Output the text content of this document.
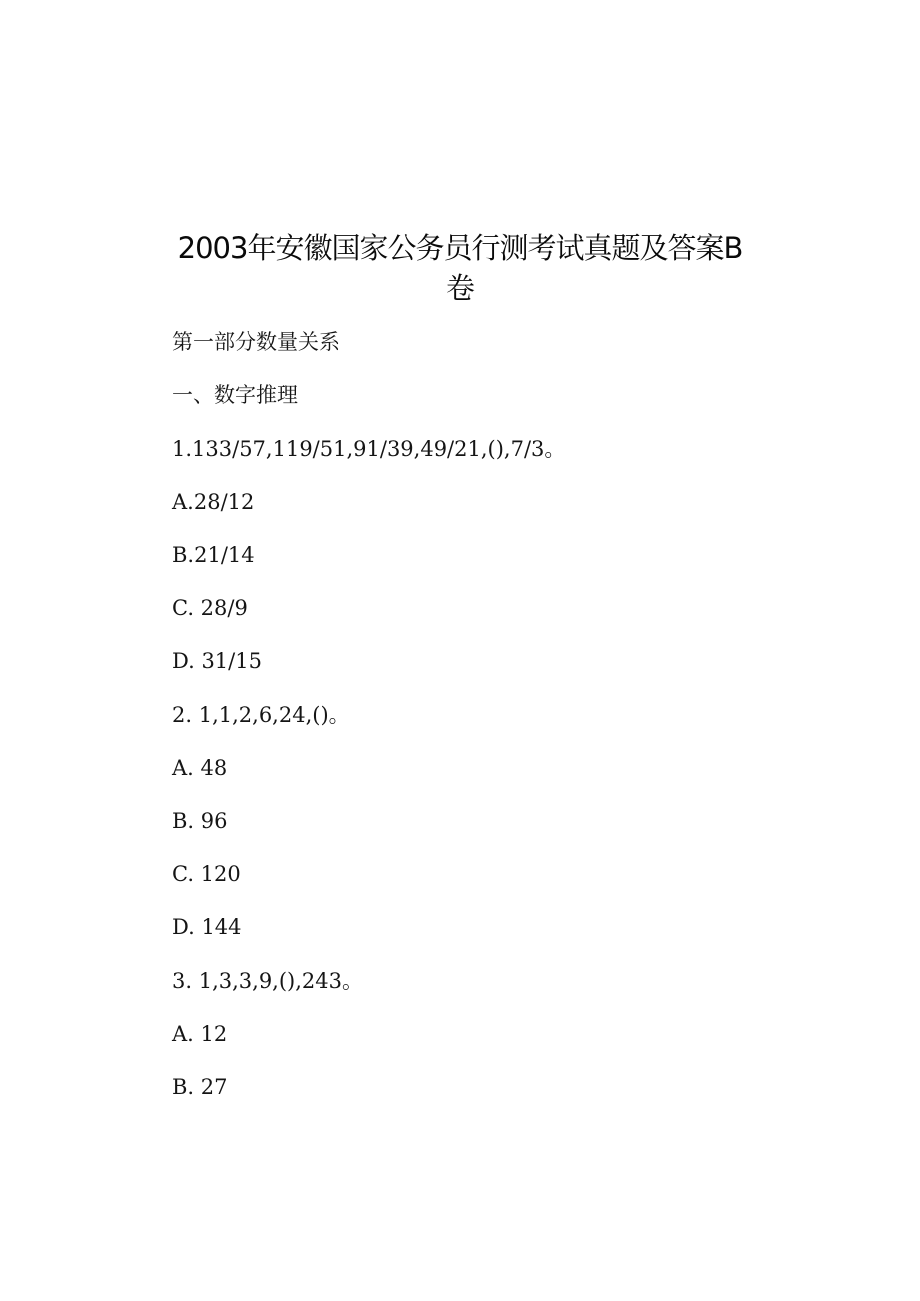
2003年安徽国家公务员行测考试真题及答案B
卷

第一部分数量关系

一、数字推理

1.133/57,119/51,91/39,49/21,(),7/3。

A.28/12

B.21/14

C. 28/9

D. 31/15

2. 1,1,2,6,24,()。

A. 48

B. 96

C. 120

D. 144

3. 1,3,3,9,(),243。

A. 12

B. 27
